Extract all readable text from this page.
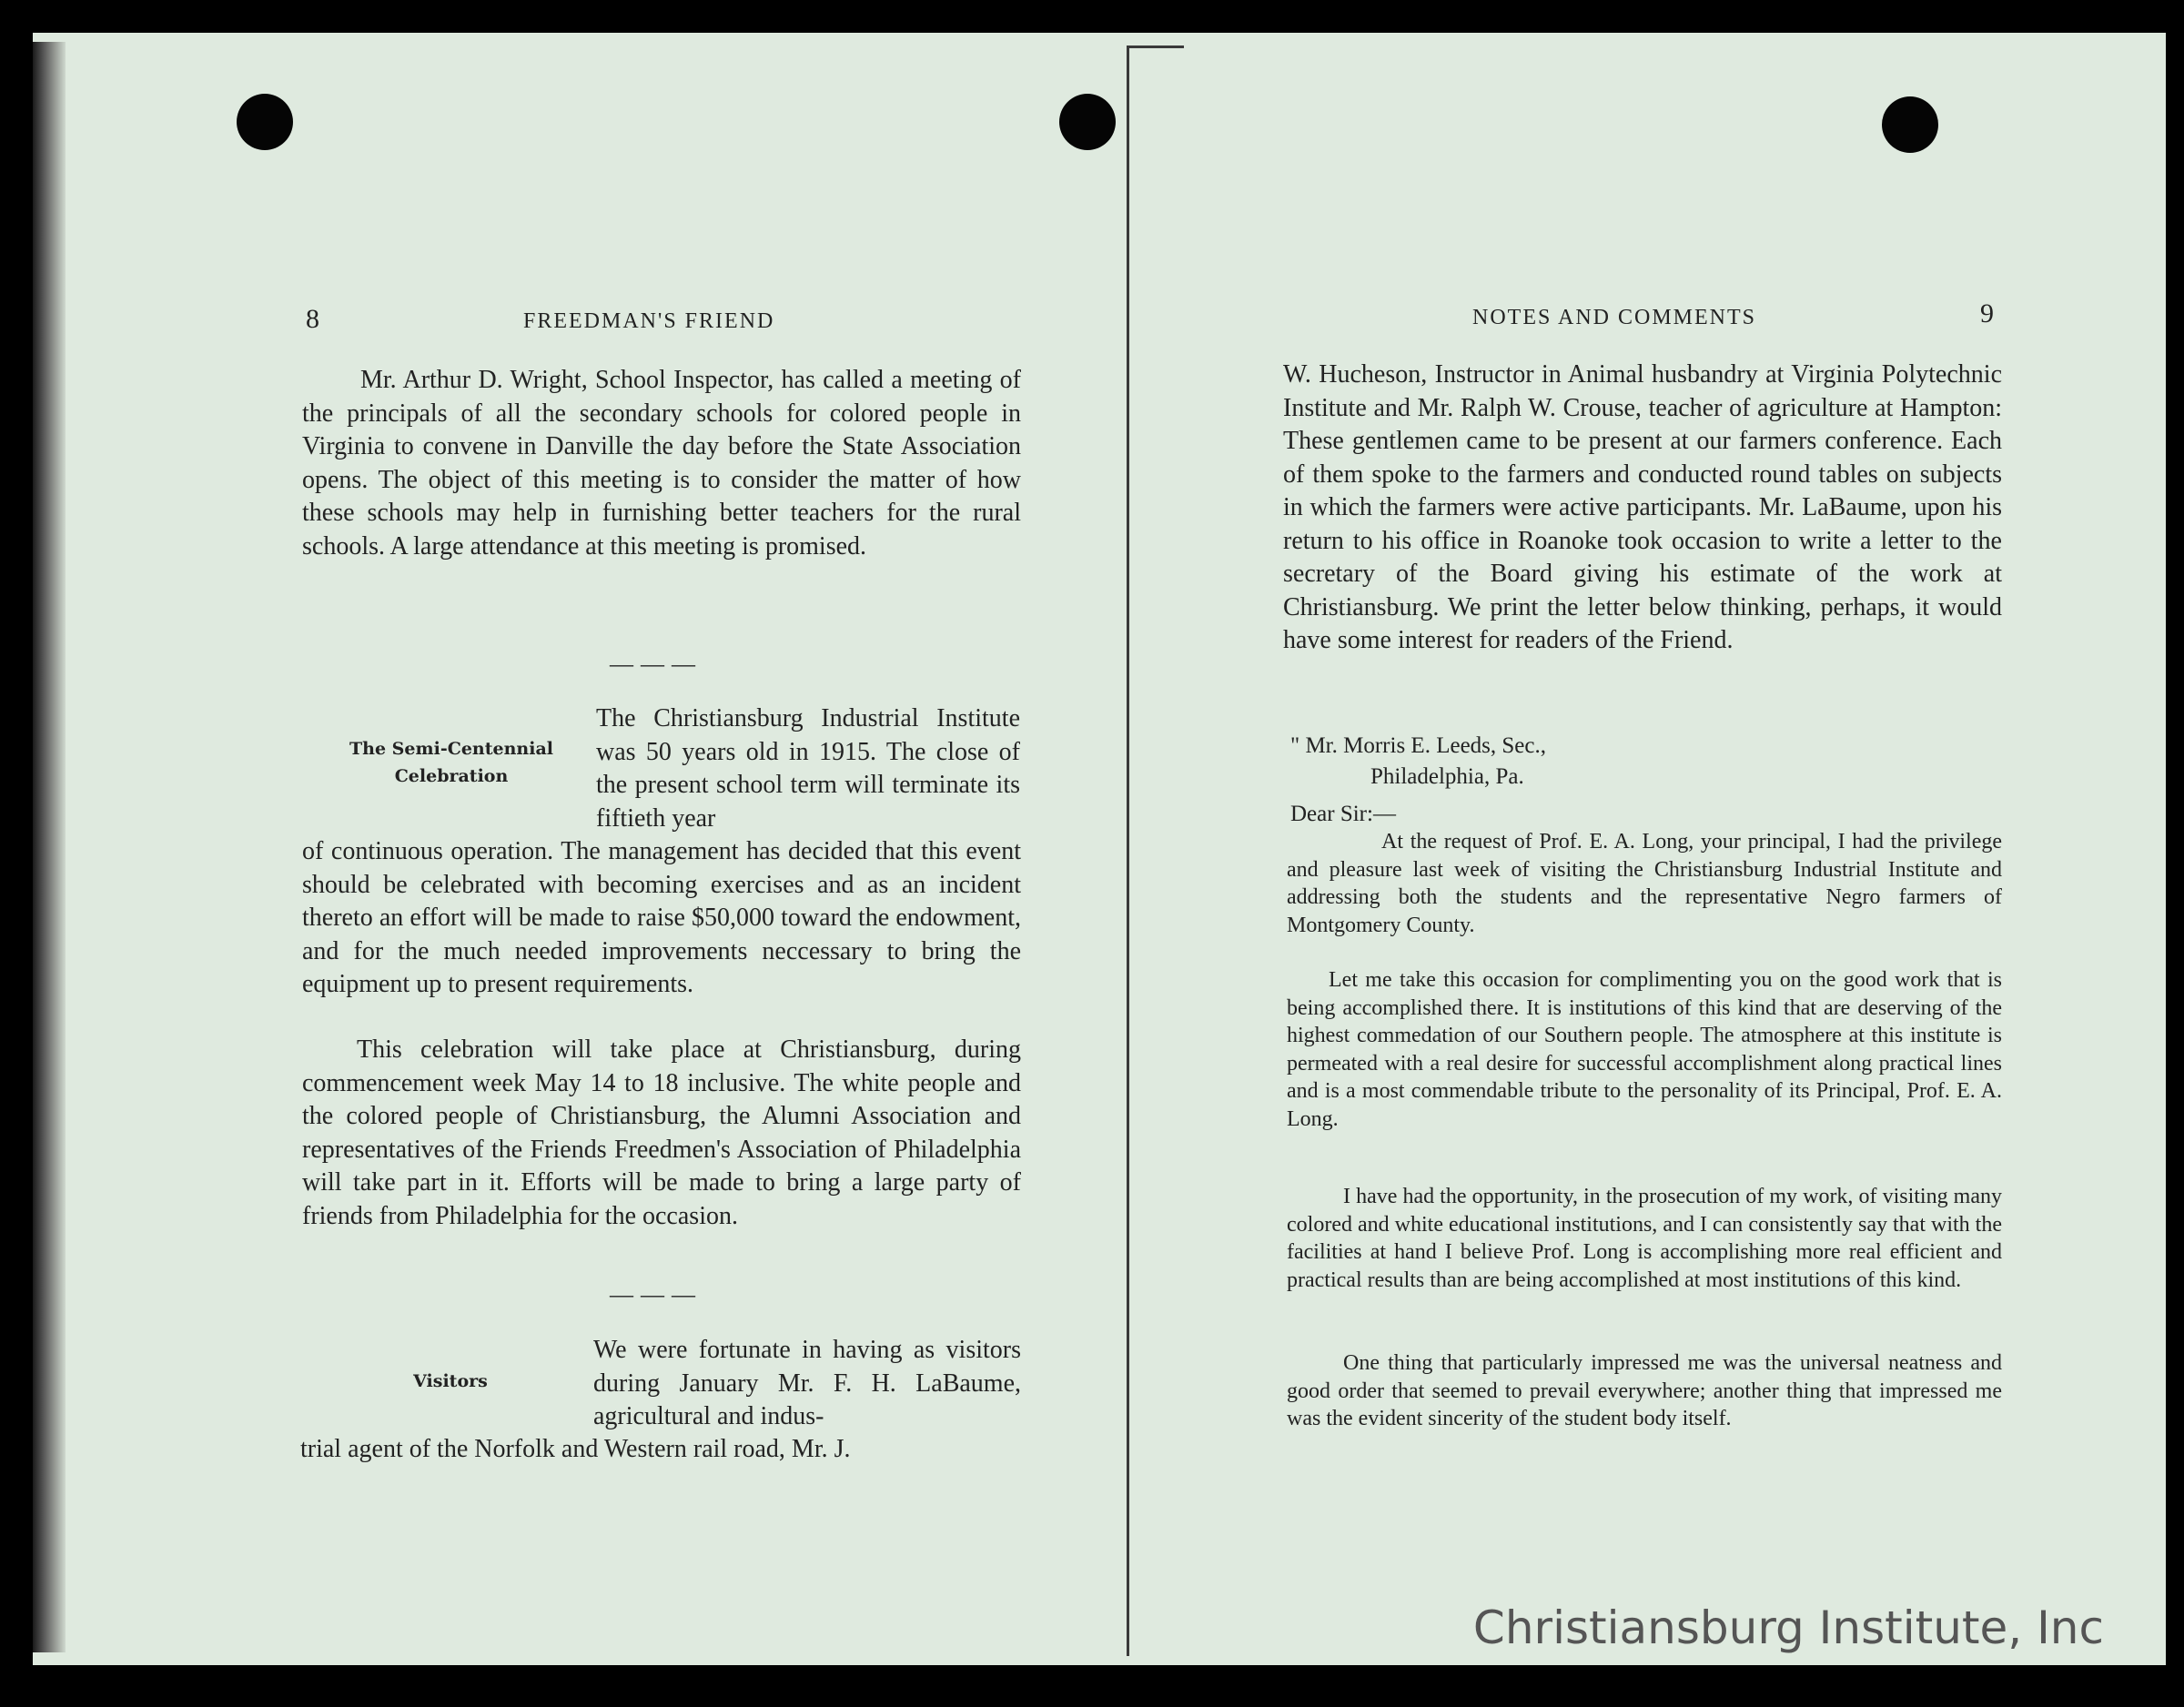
8	FREEDMAN'S FRIEND

Mr. Arthur D. Wright, School Inspector, has called a meeting of the principals of all the secondary schools for colored people in Virginia to convene in Danville the day before the State Association opens. The object of this meeting is to consider the matter of how these schools may help in furnishing better teachers for the rural schools. A large attendance at this meeting is promised.

———
The Semi-Centennial Celebration

The Christiansburg Industrial Institute was 50 years old in 1915. The close of the present school term will terminate its fiftieth year

of continuous operation. The management has decided that this event should be celebrated with becoming exercises and as an incident thereto an effort will be made to raise $50,000 toward the endowment, and for the much needed improvements neccessary to bring the equipment up to present requirements.

This celebration will take place at Christiansburg, during commencement week May 14 to 18 inclusive. The white people and the colored people of Christiansburg, the Alumni Association and representatives of the Friends Freedmen's Association of Philadelphia will take part in it. Efforts will be made to bring a large party of friends from Philadelphia for the occasion.

———
Visitors

We were fortunate in having as visitors during January Mr. F. H. LaBaume, agricultural and indus-

trial agent of the Norfolk and Western rail road, Mr. J.

NOTES AND COMMENTS	9

W. Hucheson, Instructor in Animal husbandry at Virginia Polytechnic Institute and Mr. Ralph W. Crouse, teacher of agriculture at Hampton: These gentlemen came to be present at our farmers conference. Each of them spoke to the farmers and conducted round tables on subjects in which the farmers were active participants. Mr. LaBaume, upon his return to his office in Roanoke took occasion to write a letter to the secretary of the Board giving his estimate of the work at Christiansburg. We print the letter below thinking, perhaps, it would have some interest for readers of the Friend.

" Mr. Morris E. Leeds, Sec.,

Philadelphia, Pa.

Dear Sir:—

At the request of Prof. E. A. Long, your principal, I had the privilege and pleasure last week of visiting the Christiansburg Industrial Institute and addressing both the students and the representative Negro farmers of Montgomery County.

Let me take this occasion for complimenting you on the good work that is being accomplished there. It is institutions of this kind that are deserving of the highest commedation of our Southern people. The atmosphere at this institute is permeated with a real desire for successful accomplishment along practical lines and is a most commendable tribute to the personality of its Principal, Prof. E. A. Long.

I have had the opportunity, in the prosecution of my work, of visiting many colored and white educational institutions, and I can consistently say that with the facilities at hand I believe Prof. Long is accomplishing more real efficient and practical results than are being accomplished at most institutions of this kind.

One thing that particularly impressed me was the universal neatness and good order that seemed to prevail everywhere; another thing that impressed me was the evident sincerity of the student body itself.

Christiansburg Institute, Inc
